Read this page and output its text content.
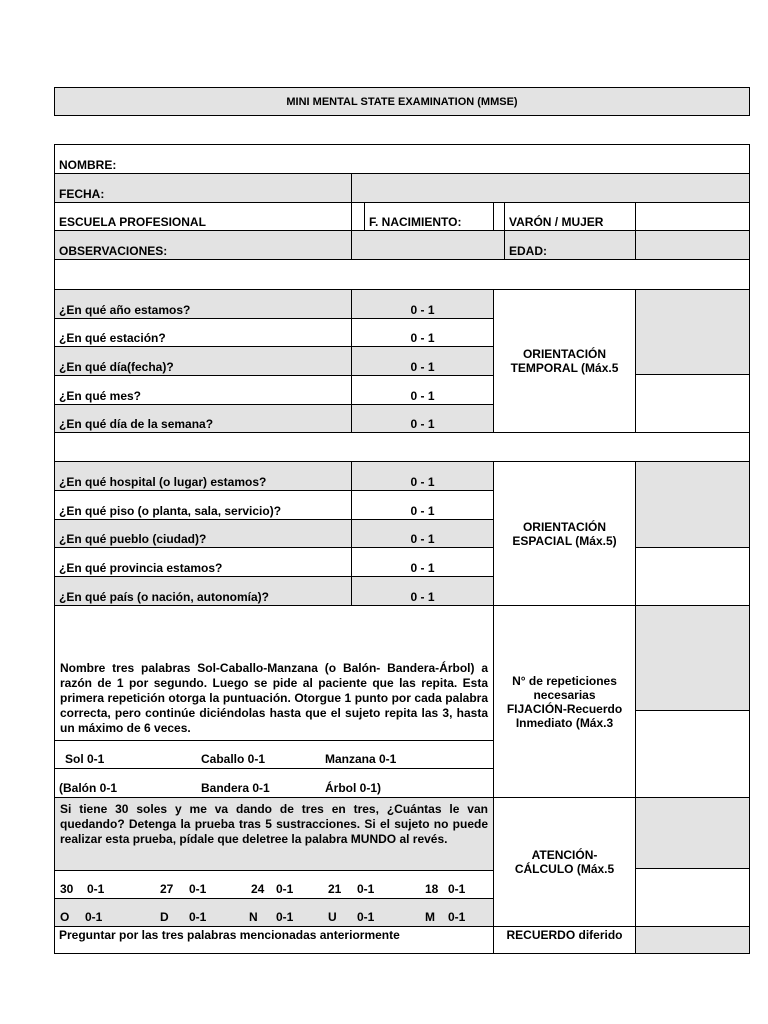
MINI MENTAL STATE EXAMINATION (MMSE)
NOMBRE:
FECHA:
ESCUELA PROFESIONAL	F. NACIMIENTO:	VARÓN / MUJER
OBSERVACIONES:	EDAD:
¿En qué año estamos?	0 - 1
¿En qué estación?	0 - 1
¿En qué día(fecha)?	0 - 1
¿En qué mes?	0 - 1
¿En qué día de la semana?	0 - 1
ORIENTACIÓN TEMPORAL (Máx.5
¿En qué hospital (o lugar) estamos?	0 - 1
¿En qué piso (o planta, sala, servicio)?	0 - 1
¿En qué pueblo (ciudad)?	0 - 1
¿En qué provincia estamos?	0 - 1
¿En qué país (o nación, autonomía)?	0 - 1
ORIENTACIÓN ESPACIAL (Máx.5)
Nombre tres palabras Sol-Caballo-Manzana (o Balón- Bandera-Árbol) a razón de 1 por segundo. Luego se pide al paciente que las repita. Esta primera repetición otorga la puntuación. Otorgue 1 punto por cada palabra correcta, pero continúe diciéndolas hasta que el sujeto repita las 3, hasta un máximo de 6 veces.
Sol 0-1	Caballo 0-1	Manzana 0-1
(Balón 0-1	Bandera 0-1	Árbol 0-1)
N° de repeticiones necesarias FIJACIÓN-Recuerdo Inmediato (Máx.3
Si tiene 30 soles y me va dando de tres en tres, ¿Cuántas le van quedando? Detenga la prueba tras 5 sustracciones. Si el sujeto no puede realizar esta prueba, pídale que deletree la palabra MUNDO al revés.
30 0-1	27 0-1	24 0-1	21 0-1	18 0-1
O 0-1	D 0-1	N 0-1	U 0-1	M 0-1
ATENCIÓN-CÁLCULO (Máx.5
Preguntar por las tres palabras mencionadas anteriormente	RECUERDO diferido
